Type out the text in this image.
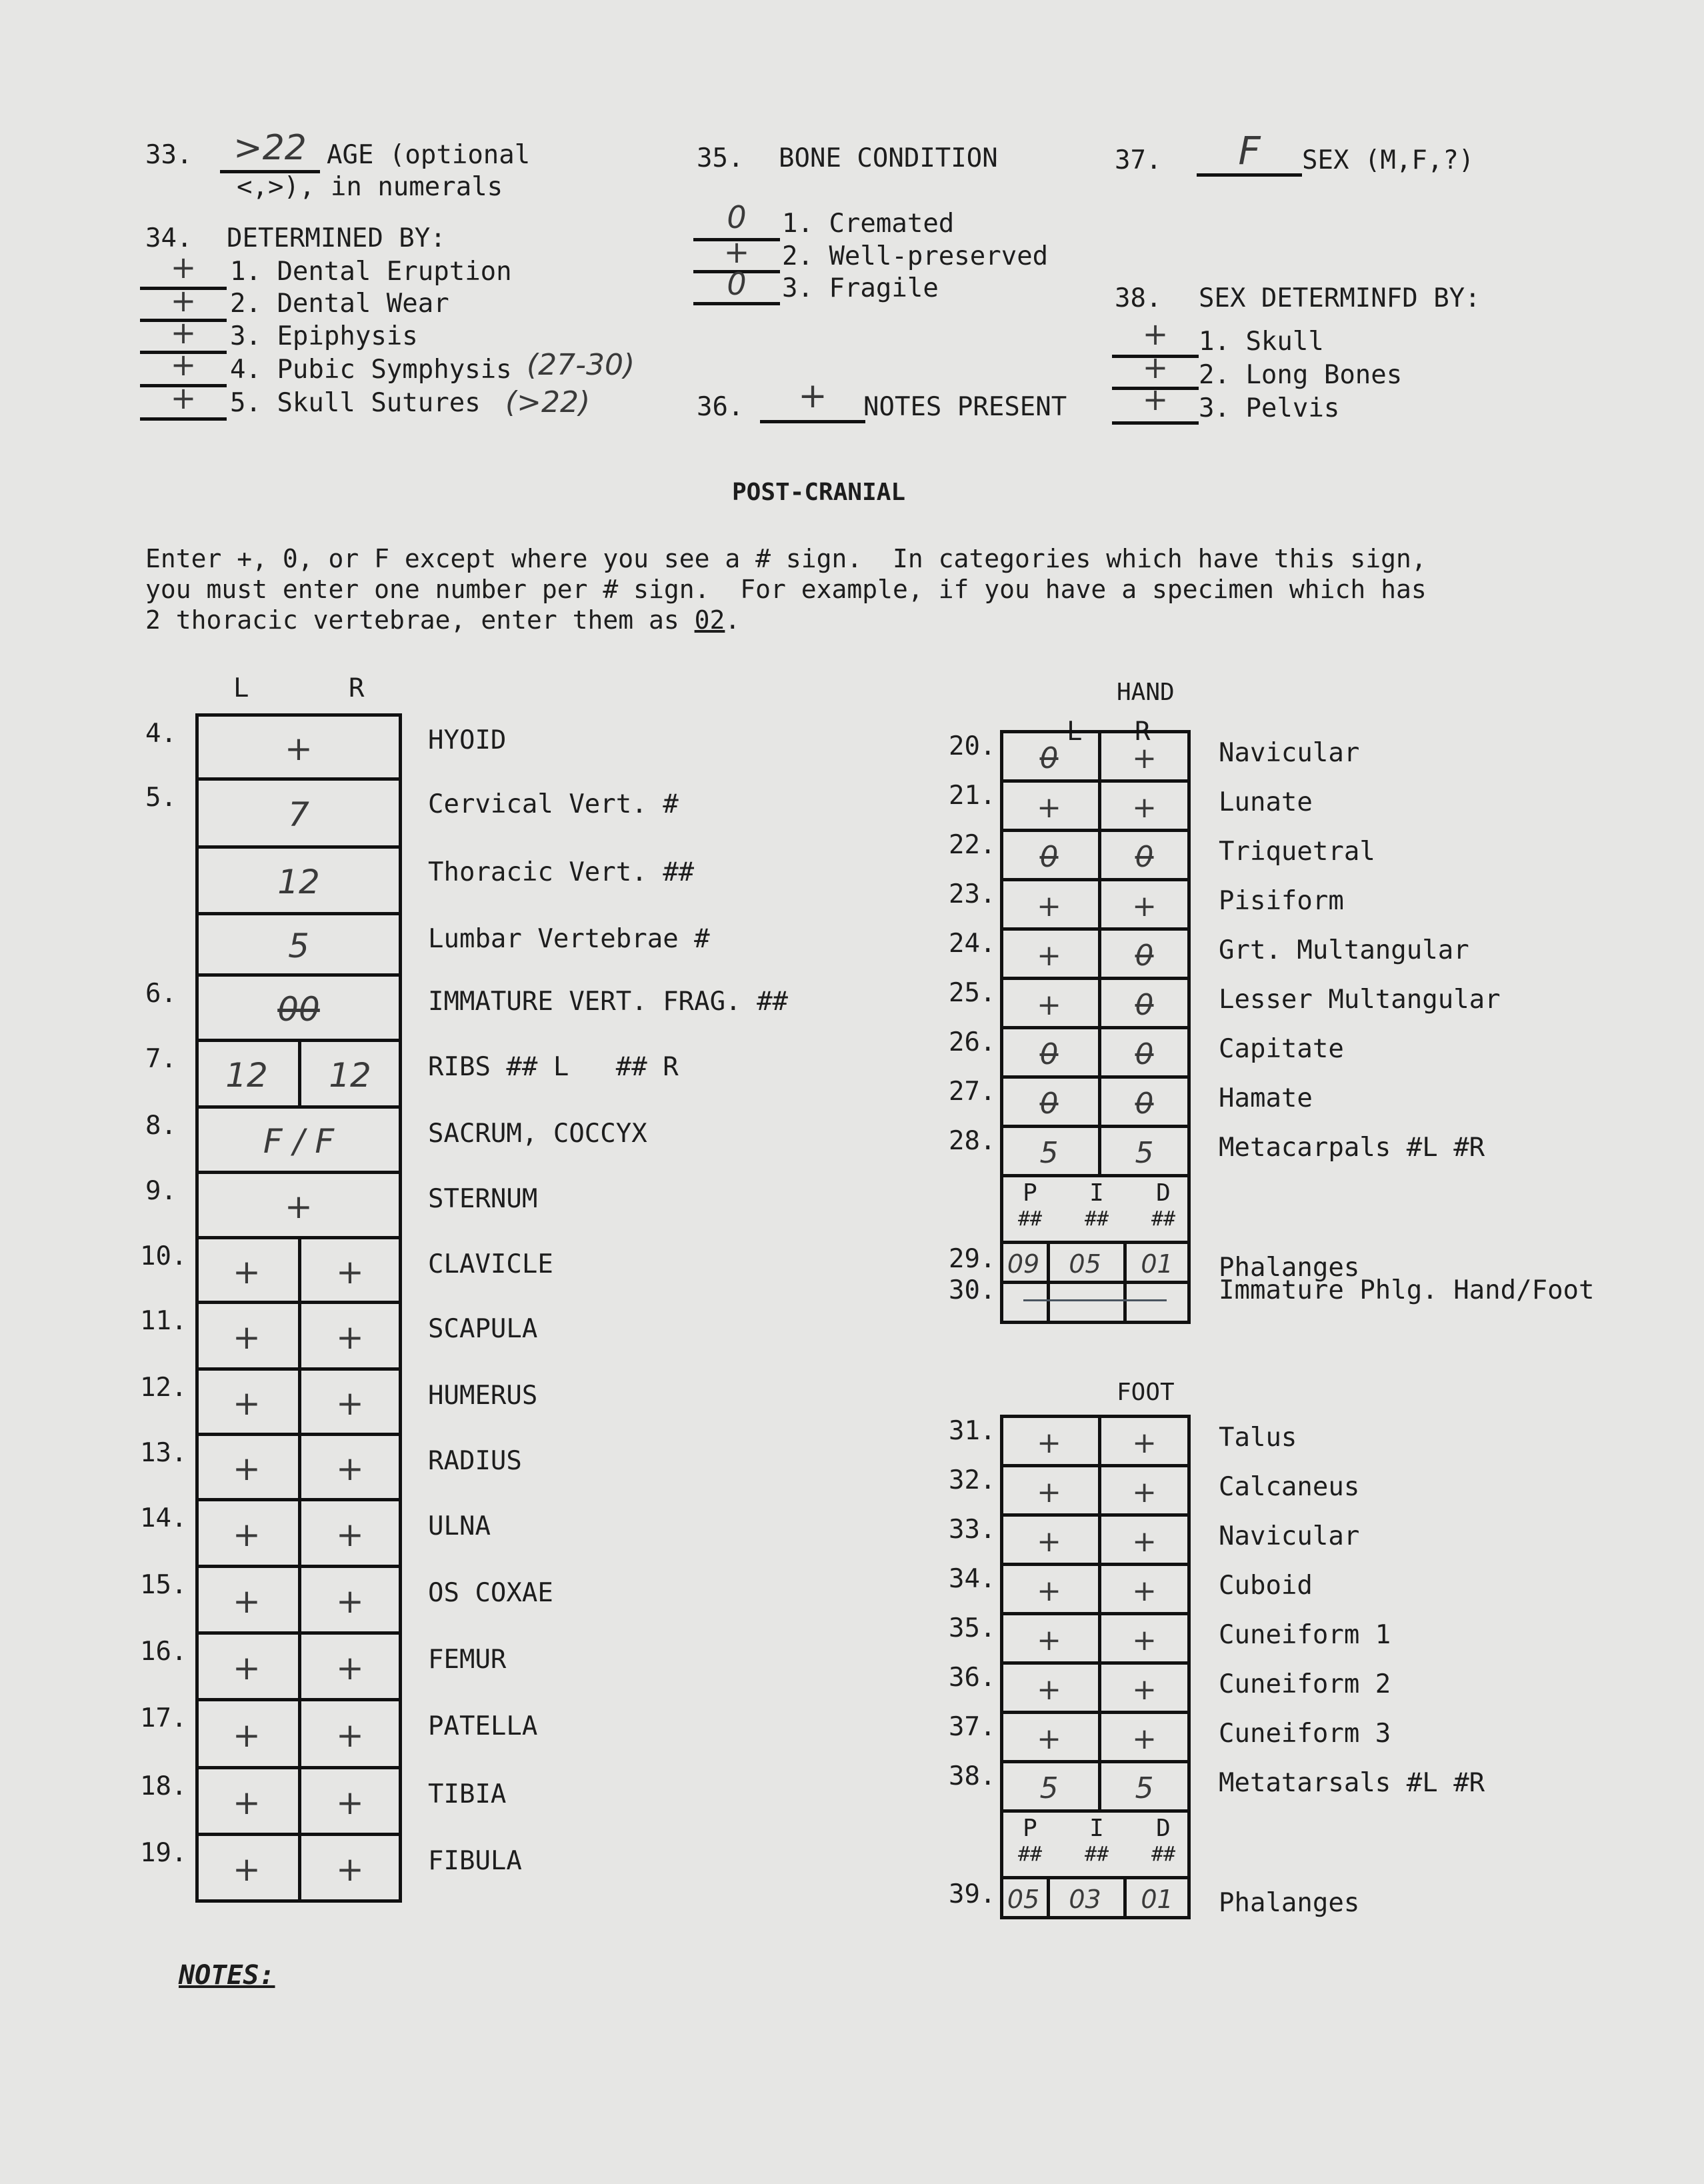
33.	>22 AGE (optional
<,>), in numerals
34. DETERMINED BY:
+	1. Dental Eruption
+	2. Dental Wear
+	3. Epiphysis
+	4. Pubic Symphysis (27-30)
+	5. Skull Sutures (>22)
35. BONE CONDITION
0	1. Cremated
+	2. Well-preserved
0	3. Fragile
36.	+	NOTES PRESENT
37.	F	SEX (M,F,?)
38. SEX DETERMINFD BY:
+	1. Skull
+	2. Long Bones
+	3. Pelvis
POST-CRANIAL
Enter +, 0, or F except where you see a # sign.  In categories which have this sign,
you must enter one number per # sign.  For example, if you have a specimen which has
2 thoracic vertebrae, enter them as 02.
L	R
4.	HYOID
+
5.	Cervical Vert. #
7
Thoracic Vert. ##
12
Lumbar Vertebrae #
5
6.	IMMATURE VERT. FRAG. ##
00
7.	RIBS ## L   ## R
12	12
8.	SACRUM, COCCYX
F / F
9.	STERNUM
+
10.	CLAVICLE
+	+
11.	SCAPULA
+	+
12.	HUMERUS
+	+
13.	RADIUS
+	+
14.	ULNA
+	+
15.	OS COXAE
+	+
16.	FEMUR
+	+
17.	PATELLA
+	+
18.	TIBIA
+	+
19.	FIBULA
+	+
HAND
20.	Navicular
0	+
21.	Lunate
+ +
22.	Triquetral
0	0
23.	Pisiform
+ +
24.	Grt. Multangular
+	0
25.	Lesser Multangular
+	0
26.	Capitate
0	0
27.	Hamate
0	0
28.	Metacarpals #L #R
5	5
P
##
I
##
D
##
29.	Phalanges
09	05	01
30.	Immature Phlg. Hand/Foot
FOOT
31.	Talus
+ +
32.	Calcaneus
+ +
33.	Navicular
+ +
34.	Cuboid
+ +
35.	Cuneiform 1
+ +
36.	Cuneiform 2
+ +
37.	Cuneiform 3
+ +
38.	Metatarsals #L #R
5	5
P
##
I
##
D
##
39.	Phalanges
05	03	01
NOTES:
